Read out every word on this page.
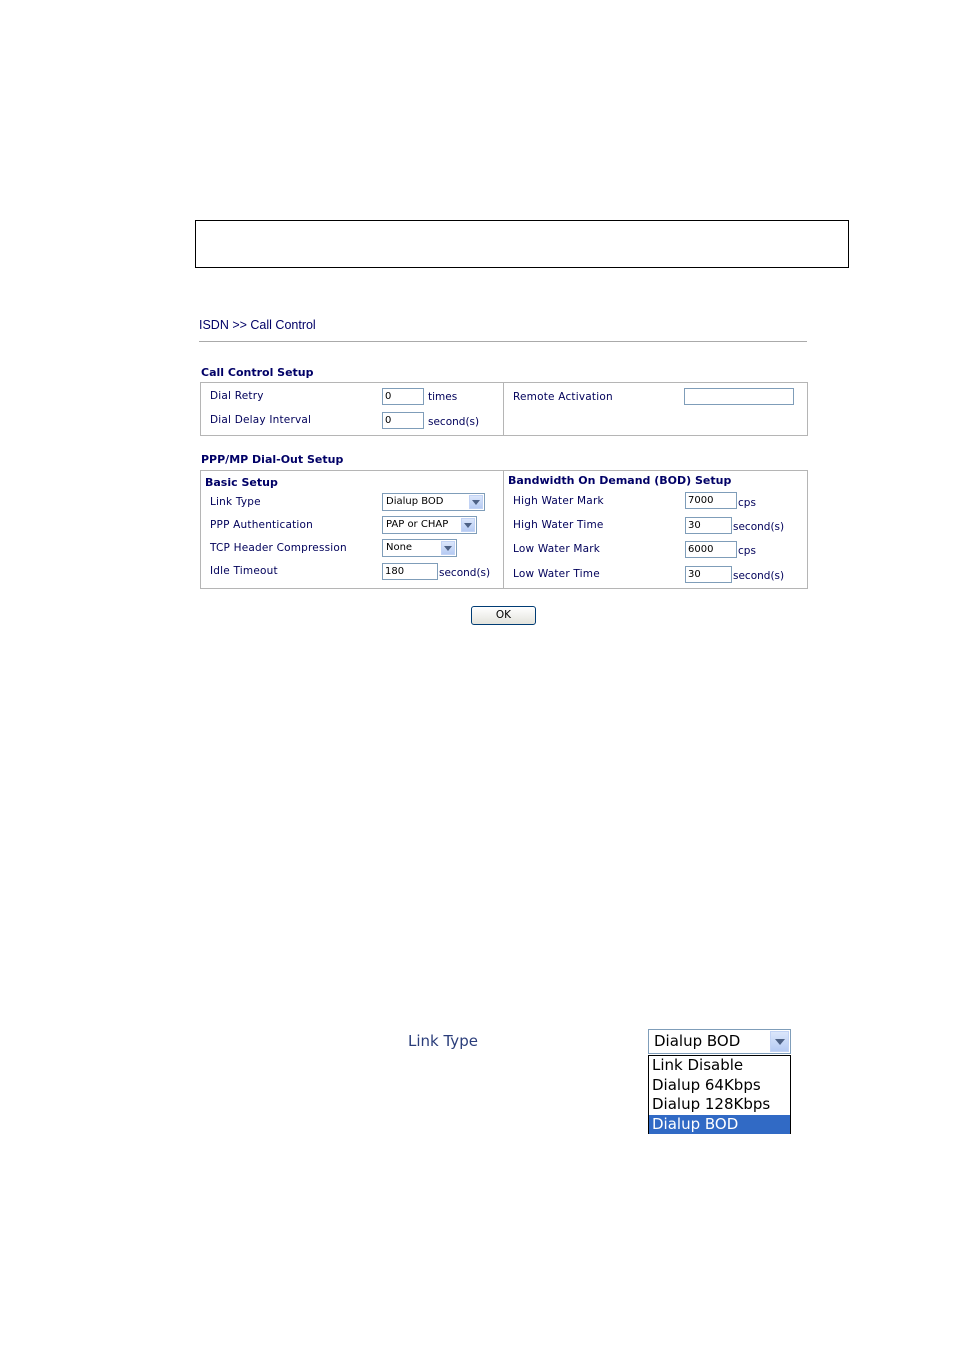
ISDN >> Call Control
Call Control Setup
Dial Retry	0	times
Dial Delay Interval	0	second(s)
Remote Activation
PPP/MP Dial-Out Setup
Basic Setup
Link Type	Dialup BOD
PPP Authentication	PAP or CHAP
TCP Header Compression	None
Idle Timeout	180	second(s)
Bandwidth On Demand (BOD) Setup
High Water Mark	7000	cps
High Water Time	30	second(s)
Low Water Mark	6000	cps
Low Water Time	30	second(s)
OK
Link Type	Dialup BOD
Link Disable
Dialup 64Kbps
Dialup 128Kbps
Dialup BOD
